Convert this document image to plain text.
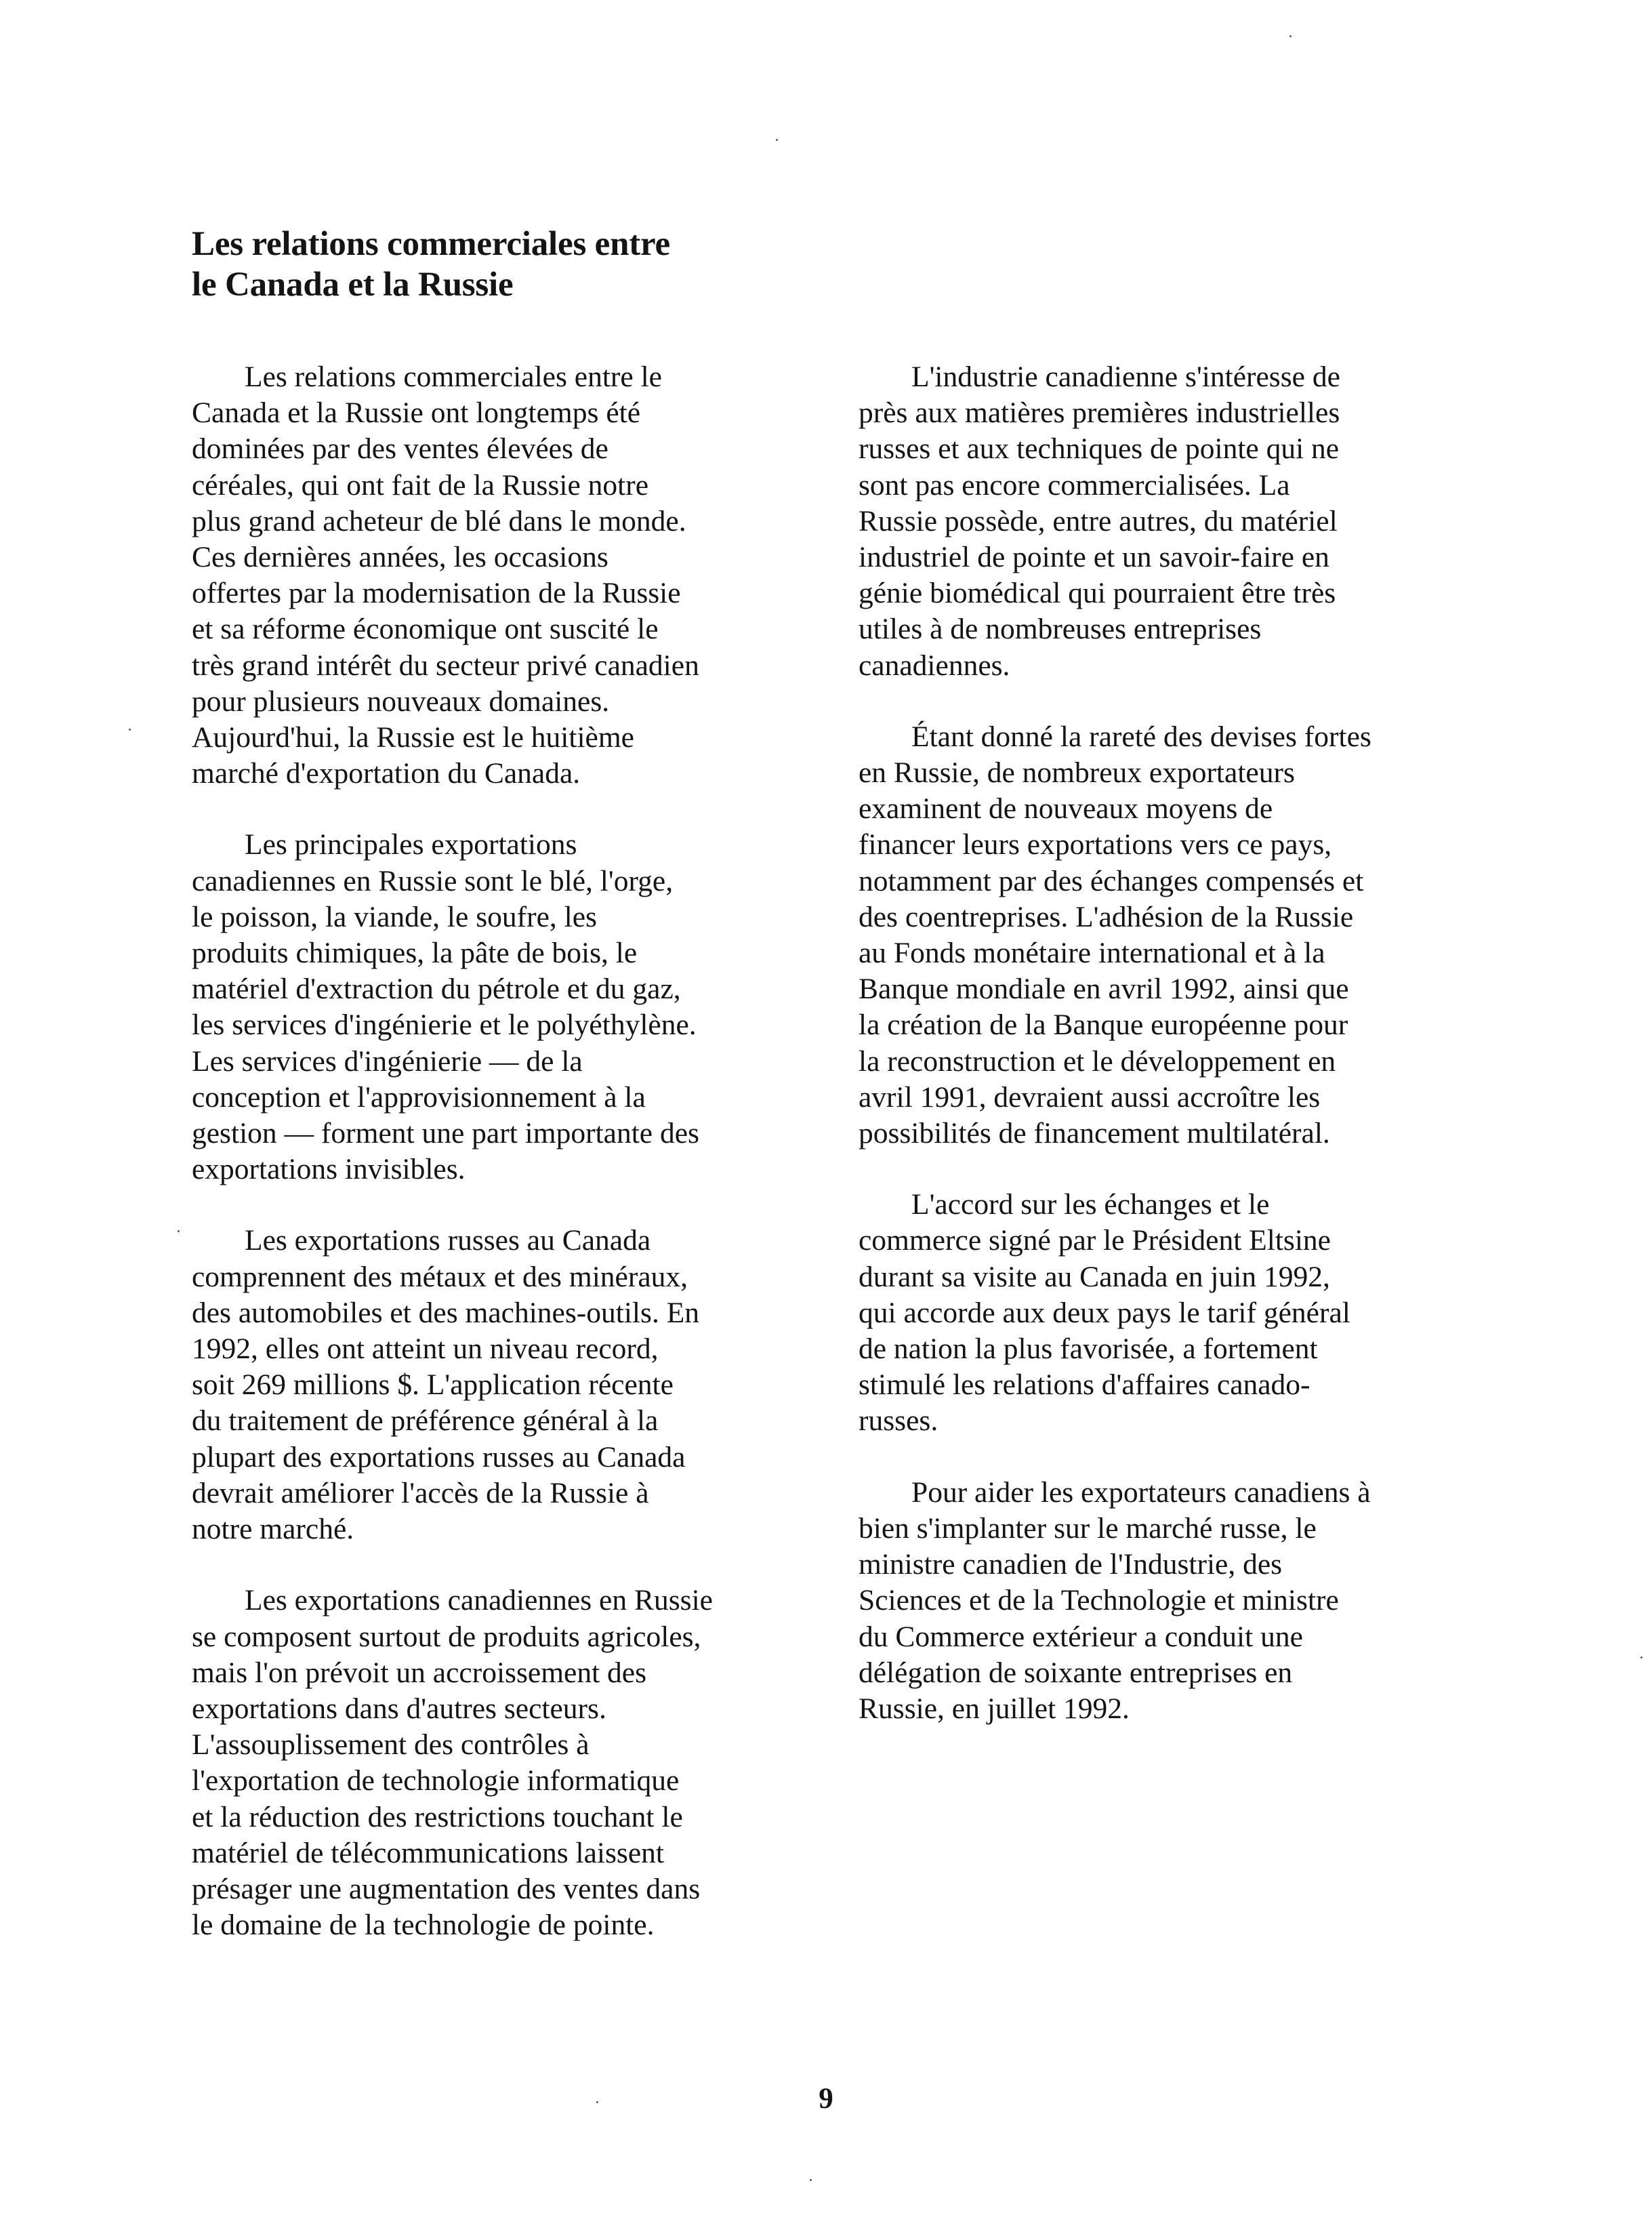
Les relations commerciales entre
le Canada et la Russie

Les relations commerciales entre le
Canada et la Russie ont longtemps été
dominées par des ventes élevées de
céréales, qui ont fait de la Russie notre
plus grand acheteur de blé dans le monde.
Ces dernières années, les occasions
offertes par la modernisation de la Russie
et sa réforme économique ont suscité le
très grand intérêt du secteur privé canadien
pour plusieurs nouveaux domaines.
Aujourd'hui, la Russie est le huitième
marché d'exportation du Canada.

Les principales exportations
canadiennes en Russie sont le blé, l'orge,
le poisson, la viande, le soufre, les
produits chimiques, la pâte de bois, le
matériel d'extraction du pétrole et du gaz,
les services d'ingénierie et le polyéthylène.
Les services d'ingénierie — de la
conception et l'approvisionnement à la
gestion — forment une part importante des
exportations invisibles.

Les exportations russes au Canada
comprennent des métaux et des minéraux,
des automobiles et des machines-outils. En
1992, elles ont atteint un niveau record,
soit 269 millions $. L'application récente
du traitement de préférence général à la
plupart des exportations russes au Canada
devrait améliorer l'accès de la Russie à
notre marché.

Les exportations canadiennes en Russie
se composent surtout de produits agricoles,
mais l'on prévoit un accroissement des
exportations dans d'autres secteurs.
L'assouplissement des contrôles à
l'exportation de technologie informatique
et la réduction des restrictions touchant le
matériel de télécommunications laissent
présager une augmentation des ventes dans
le domaine de la technologie de pointe.

L'industrie canadienne s'intéresse de
près aux matières premières industrielles
russes et aux techniques de pointe qui ne
sont pas encore commercialisées. La
Russie possède, entre autres, du matériel
industriel de pointe et un savoir-faire en
génie biomédical qui pourraient être très
utiles à de nombreuses entreprises
canadiennes.

Étant donné la rareté des devises fortes
en Russie, de nombreux exportateurs
examinent de nouveaux moyens de
financer leurs exportations vers ce pays,
notamment par des échanges compensés et
des coentreprises. L'adhésion de la Russie
au Fonds monétaire international et à la
Banque mondiale en avril 1992, ainsi que
la création de la Banque européenne pour
la reconstruction et le développement en
avril 1991, devraient aussi accroître les
possibilités de financement multilatéral.

L'accord sur les échanges et le
commerce signé par le Président Eltsine
durant sa visite au Canada en juin 1992,
qui accorde aux deux pays le tarif général
de nation la plus favorisée, a fortement
stimulé les relations d'affaires canado-
russes.

Pour aider les exportateurs canadiens à
bien s'implanter sur le marché russe, le
ministre canadien de l'Industrie, des
Sciences et de la Technologie et ministre
du Commerce extérieur a conduit une
délégation de soixante entreprises en
Russie, en juillet 1992.

9
